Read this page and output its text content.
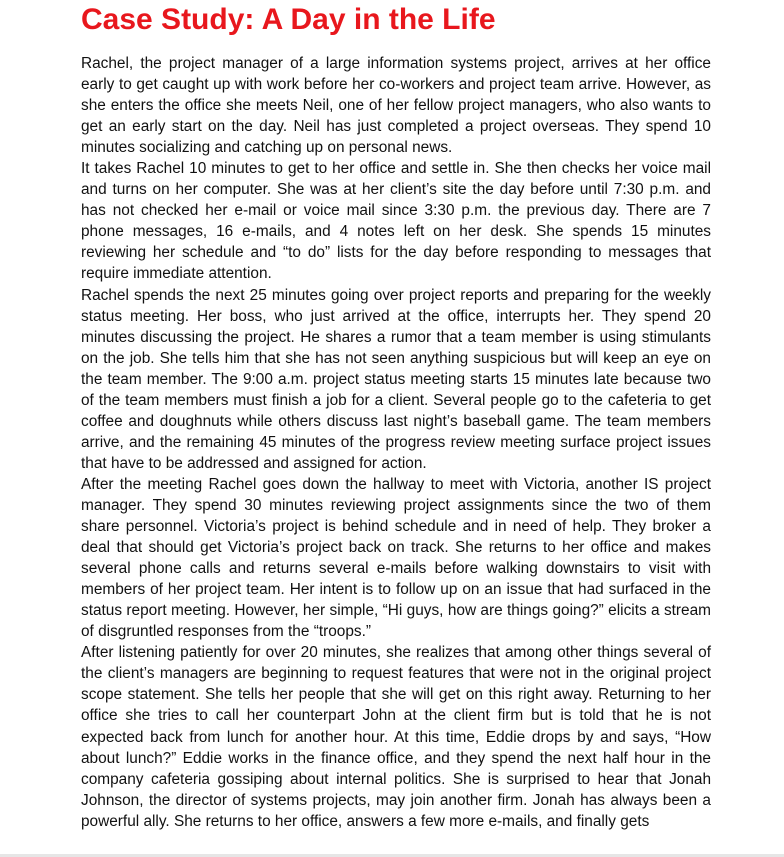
Case Study: A Day in the Life

Rachel, the project manager of a large information systems project, arrives at her office early to get caught up with work before her co-workers and project team arrive. However, as she enters the office she meets Neil, one of her fellow project managers, who also wants to get an early start on the day. Neil has just completed a project overseas. They spend 10 minutes socializing and catching up on personal news.

It takes Rachel 10 minutes to get to her office and settle in. She then checks her voice mail and turns on her computer. She was at her client’s site the day before until 7:30 p.m. and has not checked her e-mail or voice mail since 3:30 p.m. the previous day. There are 7 phone messages, 16 e-mails, and 4 notes left on her desk. She spends 15 minutes reviewing her schedule and “to do” lists for the day before responding to messages that require immediate attention.

Rachel spends the next 25 minutes going over project reports and preparing for the weekly status meeting. Her boss, who just arrived at the office, interrupts her. They spend 20 minutes discussing the project. He shares a rumor that a team member is using stimulants on the job. She tells him that she has not seen anything suspicious but will keep an eye on the team member. The 9:00 a.m. project status meeting starts 15 minutes late because two of the team members must finish a job for a client. Several people go to the cafeteria to get coffee and doughnuts while others discuss last night’s baseball game. The team members arrive, and the remaining 45 minutes of the progress review meeting surface project issues that have to be addressed and assigned for action.

After the meeting Rachel goes down the hallway to meet with Victoria, another IS project manager. They spend 30 minutes reviewing project assignments since the two of them share personnel. Victoria’s project is behind schedule and in need of help. They broker a deal that should get Victoria’s project back on track. She returns to her office and makes several phone calls and returns several e-mails before walking downstairs to visit with members of her project team. Her intent is to follow up on an issue that had surfaced in the status report meeting. However, her simple, “Hi guys, how are things going?” elicits a stream of disgruntled responses from the “troops.”

After listening patiently for over 20 minutes, she realizes that among other things several of the client’s managers are beginning to request features that were not in the original project scope statement. She tells her people that she will get on this right away. Returning to her office she tries to call her counterpart John at the client firm but is told that he is not expected back from lunch for another hour. At this time, Eddie drops by and says, “How about lunch?” Eddie works in the finance office, and they spend the next half hour in the company cafeteria gossiping about internal politics. She is surprised to hear that Jonah Johnson, the director of systems projects, may join another firm. Jonah has always been a powerful ally. She returns to her office, answers a few more e-mails, and finally gets
